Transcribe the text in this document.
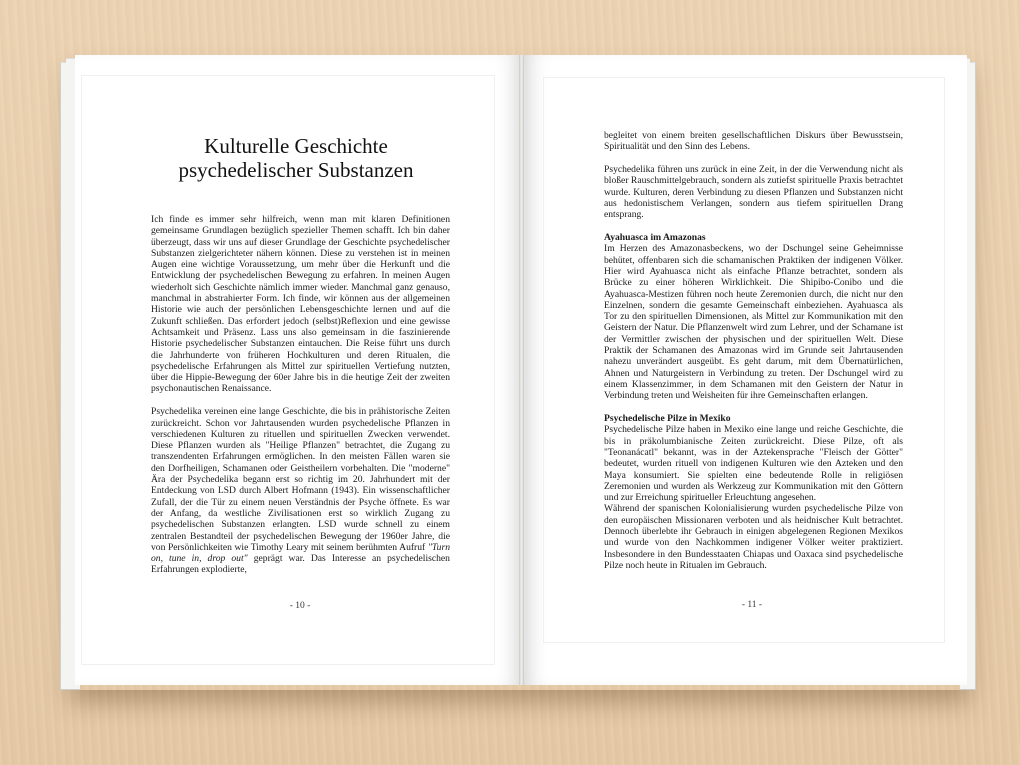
Kulturelle Geschichte
psychedelischer Substanzen

Ich finde es immer sehr hilfreich, wenn man mit klaren Definitionen gemeinsame Grundlagen bezüglich spezieller Themen schafft. Ich bin daher überzeugt, dass wir uns auf dieser Grundlage der Geschichte psychedelischer Substanzen zielgerichteter nähern können. Diese zu verstehen ist in meinen Augen eine wichtige Voraussetzung, um mehr über die Herkunft und die Entwicklung der psychedelischen Bewegung zu erfahren. In meinen Augen wiederholt sich Geschichte nämlich immer wieder. Manchmal ganz genauso, manchmal in abstrahierter Form. Ich finde, wir können aus der allgemeinen Historie wie auch der persönlichen Lebensgeschichte lernen und auf die Zukunft schließen. Das erfordert jedoch (selbst)Reflexion und eine gewisse Achtsamkeit und Präsenz. Lass uns also gemeinsam in die faszinierende Historie psychedelischer Substanzen eintauchen. Die Reise führt uns durch die Jahrhunderte von früheren Hochkulturen und deren Ritualen, die psychedelische Erfahrungen als Mittel zur spirituellen Vertiefung nutzten, über die Hippie-Bewegung der 60er Jahre bis in die heutige Zeit der zweiten psychonautischen Renaissance.

Psychedelika vereinen eine lange Geschichte, die bis in prähistorische Zeiten zurückreicht. Schon vor Jahrtausenden wurden psychedelische Pflanzen in verschiedenen Kulturen zu rituellen und spirituellen Zwecken verwendet. Diese Pflanzen wurden als "Heilige Pflanzen" betrachtet, die Zugang zu transzendenten Erfahrungen ermöglichen. In den meisten Fällen waren sie den Dorfheiligen, Schamanen oder Geistheilern vorbehalten. Die "moderne" Ära der Psychedelika begann erst so richtig im 20. Jahrhundert mit der Entdeckung von LSD durch Albert Hofmann (1943). Ein wissenschaftlicher Zufall, der die Tür zu einem neuen Verständnis der Psyche öffnete. Es war der Anfang, da westliche Zivilisationen erst so wirklich Zugang zu psychedelischen Substanzen erlangten. LSD wurde schnell zu einem zentralen Bestandteil der psychedelischen Bewegung der 1960er Jahre, die von Persönlichkeiten wie Timothy Leary mit seinem berühmten Aufruf "Turn on, tune in, drop out" geprägt war. Das Interesse an psychedelischen Erfahrungen explodierte,

- 10 -

begleitet von einem breiten gesellschaftlichen Diskurs über Bewusstsein, Spiritualität und den Sinn des Lebens.

Psychedelika führen uns zurück in eine Zeit, in der die Verwendung nicht als bloßer Rauschmittelgebrauch, sondern als zutiefst spirituelle Praxis betrachtet wurde. Kulturen, deren Verbindung zu diesen Pflanzen und Substanzen nicht aus hedonistischem Verlangen, sondern aus tiefem spirituellen Drang entsprang.

Ayahuasca im Amazonas

Im Herzen des Amazonasbeckens, wo der Dschungel seine Geheimnisse behütet, offenbaren sich die schamanischen Praktiken der indigenen Völker. Hier wird Ayahuasca nicht als einfache Pflanze betrachtet, sondern als Brücke zu einer höheren Wirklichkeit. Die Shipibo-Conibo und die Ayahuasca-Mestizen führen noch heute Zeremonien durch, die nicht nur den Einzelnen, sondern die gesamte Gemeinschaft einbeziehen. Ayahuasca als Tor zu den spirituellen Dimensionen, als Mittel zur Kommunikation mit den Geistern der Natur. Die Pflanzenwelt wird zum Lehrer, und der Schamane ist der Vermittler zwischen der physischen und der spirituellen Welt. Diese Praktik der Schamanen des Amazonas wird im Grunde seit Jahrtausenden nahezu unverändert ausgeübt. Es geht darum, mit dem Übernatürlichen, Ahnen und Naturgeistern in Verbindung zu treten. Der Dschungel wird zu einem Klassenzimmer, in dem Schamanen mit den Geistern der Natur in Verbindung treten und Weisheiten für ihre Gemeinschaften erlangen.

Psychedelische Pilze in Mexiko
Psychedelische Pilze haben in Mexiko eine lange und reiche Geschichte, die bis in präkolumbianische Zeiten zurückreicht. Diese Pilze, oft als "Teonanácatl" bekannt, was in der Aztekensprache "Fleisch der Götter" bedeutet, wurden rituell von indigenen Kulturen wie den Azteken und den Maya konsumiert. Sie spielten eine bedeutende Rolle in religiösen Zeremonien und wurden als Werkzeug zur Kommunikation mit den Göttern und zur Erreichung spiritueller Erleuchtung angesehen.
Während der spanischen Kolonialisierung wurden psychedelische Pilze von den europäischen Missionaren verboten und als heidnischer Kult betrachtet. Dennoch überlebte ihr Gebrauch in einigen abgelegenen Regionen Mexikos und wurde von den Nachkommen indigener Völker weiter praktiziert. Insbesondere in den Bundesstaaten Chiapas und Oaxaca sind psychedelische Pilze noch heute in Ritualen im Gebrauch.
- 11 -
